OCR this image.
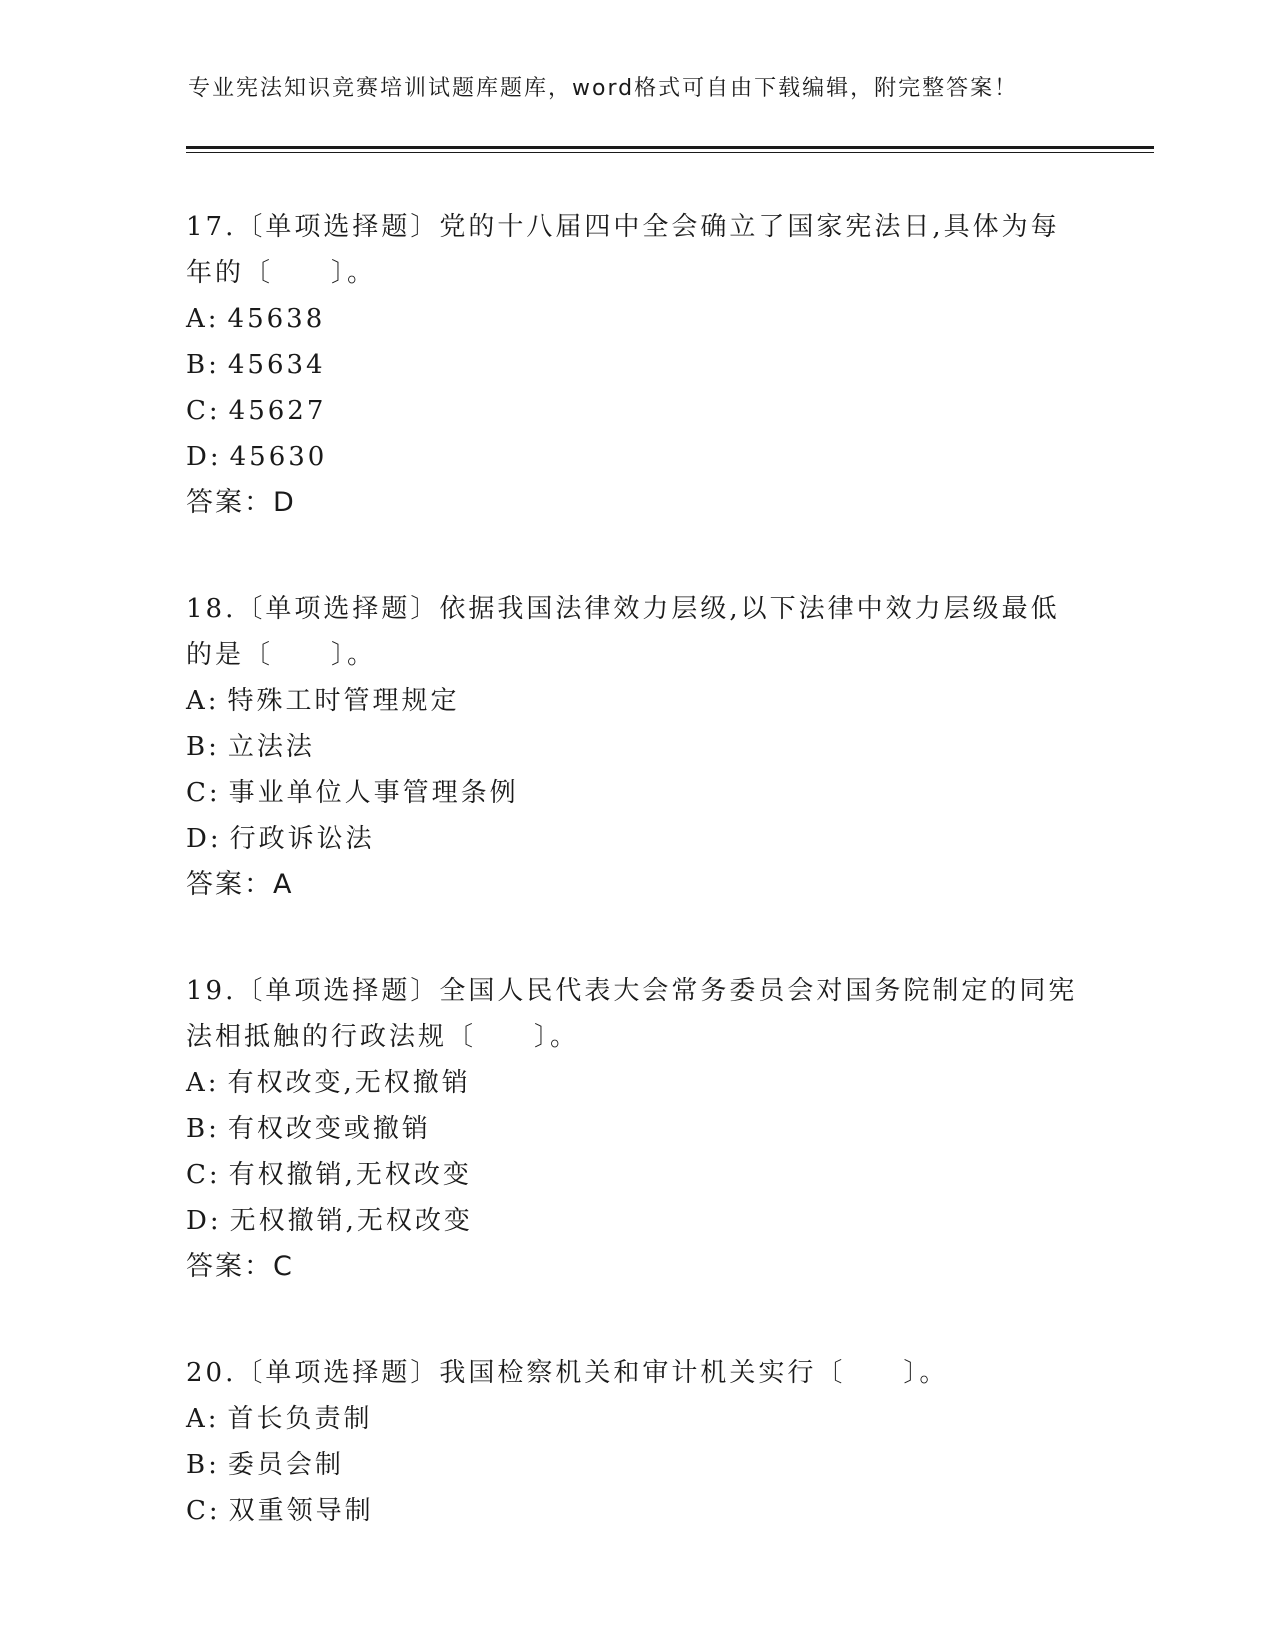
专业宪法知识竞赛培训试题库题库，word格式可自由下载编辑，附完整答案！

17.〔单项选择题〕党的十八届四中全会确立了国家宪法日,具体为每年的〔　　〕。

A: 45638

B: 45634

C: 45627

D: 45630

答案：D

18.〔单项选择题〕依据我国法律效力层级,以下法律中效力层级最低的是〔　　〕。

A: 特殊工时管理规定

B: 立法法

C: 事业单位人事管理条例

D: 行政诉讼法

答案：A

19.〔单项选择题〕全国人民代表大会常务委员会对国务院制定的同宪法相抵触的行政法规〔　　〕。

A: 有权改变,无权撤销

B: 有权改变或撤销

C: 有权撤销,无权改变

D: 无权撤销,无权改变

答案：C

20.〔单项选择题〕我国检察机关和审计机关实行〔　　〕。

A: 首长负责制

B: 委员会制

C: 双重领导制
